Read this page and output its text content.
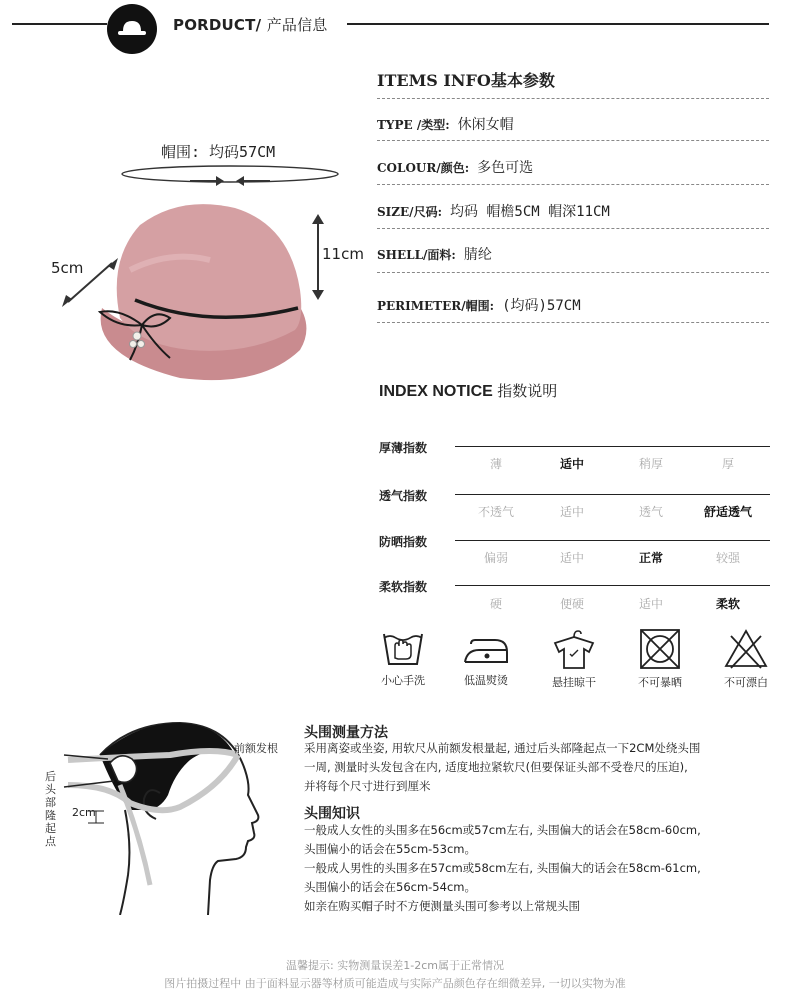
PORDUCT/ 产品信息
ITEMS INFO基本参数
TYPE /类型: 休闲女帽
COLOUR/颜色: 多色可选
SIZE/尺码: 均码 帽檐5CM 帽深11CM
SHELL/面料: 腈纶
PERIMETER/帽围: (均码)57CM
帽围: 均码57CM
5cm
11cm
INDEX NOTICE 指数说明
厚薄指数
薄	适中	稍厚	厚
透气指数
不透气	适中	透气	舒适透气
防晒指数
偏弱	适中	正常	较强
柔软指数
硬	便硬	适中	柔软
小心手洗	低温熨烫	悬挂晾干	不可暴晒	不可漂白
前额发根
后头部隆起点
2cm
头围测量方法
采用离姿或坐姿, 用软尺从前额发根量起, 通过后头部隆起点一下2CM处绕头围
一周, 测量时头发包含在内, 适度地拉紧软尺(但要保证头部不受卷尺的压迫),
并将每个尺寸进行到厘米
头围知识
一般成人女性的头围多在56cm或57cm左右, 头围偏大的话会在58cm-60cm,
头围偏小的话会在55cm-53cm。
一般成人男性的头围多在57cm或58cm左右, 头围偏大的话会在58cm-61cm,
头围偏小的话会在56cm-54cm。
如亲在购买帽子时不方便测量头围可参考以上常规头围
温馨提示: 实物测量误差1-2cm属于正常情况
图片拍摄过程中 由于面料显示器等材质可能造成与实际产品颜色存在细微差异, 一切以实物为准
